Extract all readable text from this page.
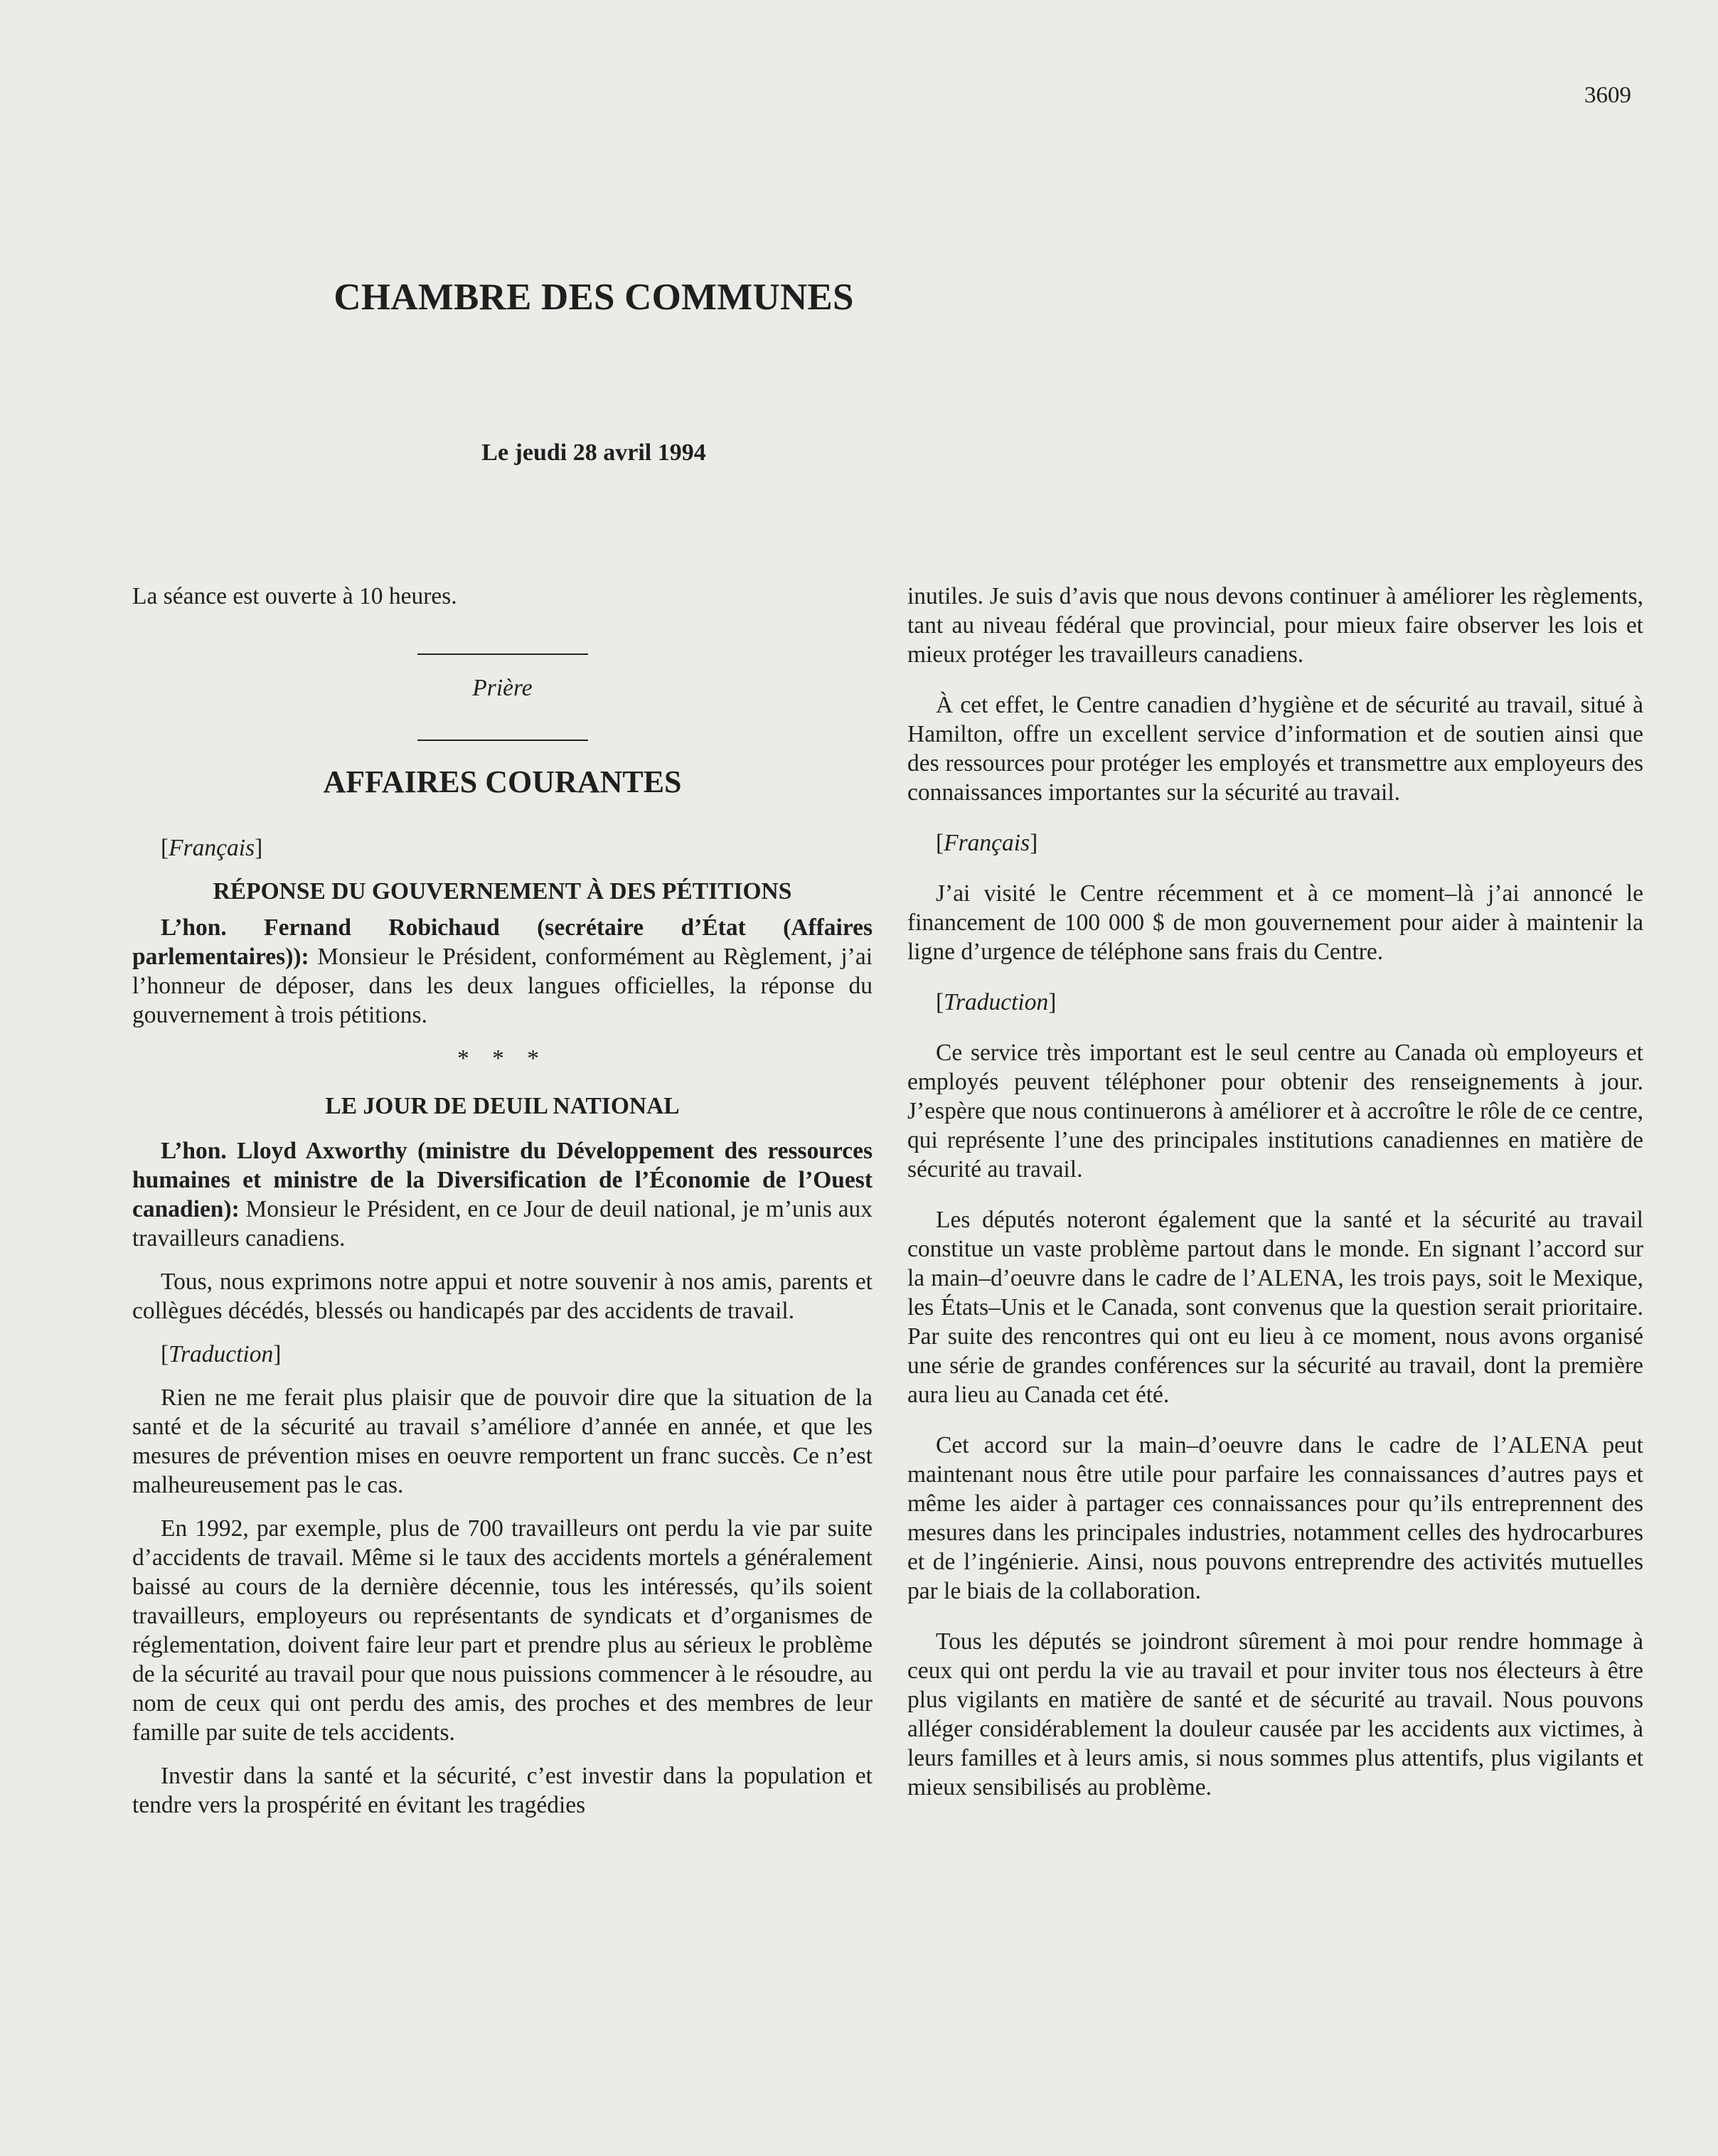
3609
CHAMBRE DES COMMUNES
Le jeudi 28 avril 1994

La séance est ouverte à 10 heures.

Prière
AFFAIRES COURANTES

[Français]

RÉPONSE DU GOUVERNEMENT À DES PÉTITIONS

L’hon. Fernand Robichaud (secrétaire d’État (Affaires parlementaires)): Monsieur le Président, conformément au Règlement, j’ai l’honneur de déposer, dans les deux langues officielles, la réponse du gouvernement à trois pétitions.

* * *
LE JOUR DE DEUIL NATIONAL

L’hon. Lloyd Axworthy (ministre du Développement des ressources humaines et ministre de la Diversification de l’Économie de l’Ouest canadien): Monsieur le Président, en ce Jour de deuil national, je m’unis aux travailleurs canadiens.

Tous, nous exprimons notre appui et notre souvenir à nos amis, parents et collègues décédés, blessés ou handicapés par des accidents de travail.

[Traduction]

Rien ne me ferait plus plaisir que de pouvoir dire que la situation de la santé et de la sécurité au travail s’améliore d’année en année, et que les mesures de prévention mises en oeuvre remportent un franc succès. Ce n’est malheureusement pas le cas.

En 1992, par exemple, plus de 700 travailleurs ont perdu la vie par suite d’accidents de travail. Même si le taux des accidents mortels a généralement baissé au cours de la dernière décennie, tous les intéressés, qu’ils soient travailleurs, employeurs ou représentants de syndicats et d’organismes de réglementation, doivent faire leur part et prendre plus au sérieux le problème de la sécurité au travail pour que nous puissions commencer à le résoudre, au nom de ceux qui ont perdu des amis, des proches et des membres de leur famille par suite de tels accidents.

Investir dans la santé et la sécurité, c’est investir dans la population et tendre vers la prospérité en évitant les tragédies

inutiles. Je suis d’avis que nous devons continuer à améliorer les règlements, tant au niveau fédéral que provincial, pour mieux faire observer les lois et mieux protéger les travailleurs canadiens.

À cet effet, le Centre canadien d’hygiène et de sécurité au travail, situé à Hamilton, offre un excellent service d’information et de soutien ainsi que des ressources pour protéger les employés et transmettre aux employeurs des connaissances importantes sur la sécurité au travail.

[Français]

J’ai visité le Centre récemment et à ce moment–là j’ai annoncé le financement de 100 000 $ de mon gouvernement pour aider à maintenir la ligne d’urgence de téléphone sans frais du Centre.

[Traduction]

Ce service très important est le seul centre au Canada où employeurs et employés peuvent téléphoner pour obtenir des renseignements à jour. J’espère que nous continuerons à améliorer et à accroître le rôle de ce centre, qui représente l’une des principales institutions canadiennes en matière de sécurité au travail.

Les députés noteront également que la santé et la sécurité au travail constitue un vaste problème partout dans le monde. En signant l’accord sur la main–d’oeuvre dans le cadre de l’ALENA, les trois pays, soit le Mexique, les États–Unis et le Canada, sont convenus que la question serait prioritaire. Par suite des rencontres qui ont eu lieu à ce moment, nous avons organisé une série de grandes conférences sur la sécurité au travail, dont la première aura lieu au Canada cet été.

Cet accord sur la main–d’oeuvre dans le cadre de l’ALENA peut maintenant nous être utile pour parfaire les connaissances d’autres pays et même les aider à partager ces connaissances pour qu’ils entreprennent des mesures dans les principales industries, notamment celles des hydrocarbures et de l’ingénierie. Ainsi, nous pouvons entreprendre des activités mutuelles par le biais de la collaboration.

Tous les députés se joindront sûrement à moi pour rendre hommage à ceux qui ont perdu la vie au travail et pour inviter tous nos électeurs à être plus vigilants en matière de santé et de sécurité au travail. Nous pouvons alléger considérablement la douleur causée par les accidents aux victimes, à leurs familles et à leurs amis, si nous sommes plus attentifs, plus vigilants et mieux sensibilisés au problème.
